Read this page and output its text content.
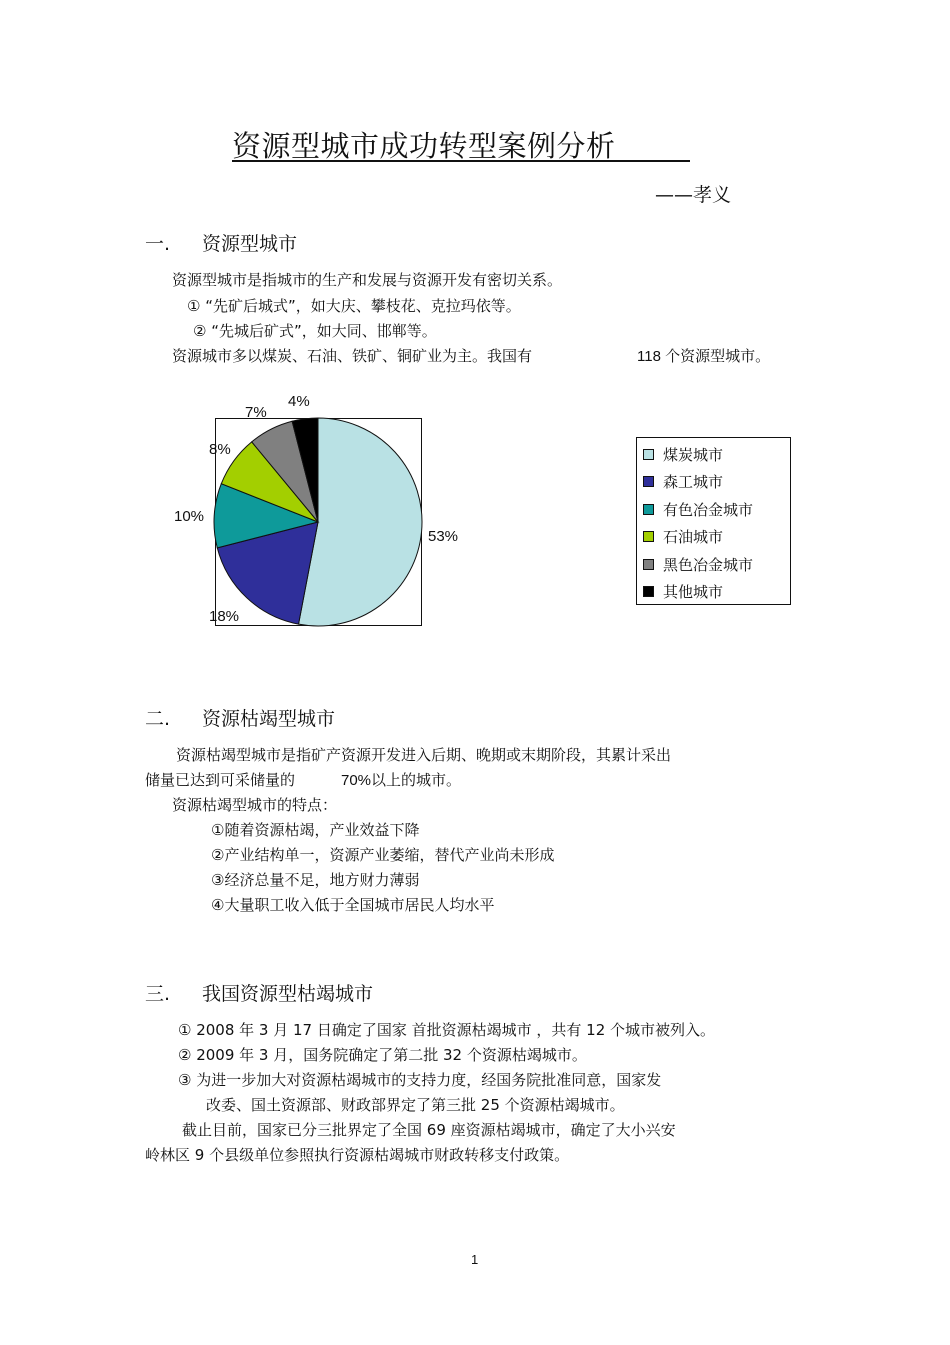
资源型城市成功转型案例分析
——孝义
一. 资源型城市
资源型城市是指城市的生产和发展与资源开发有密切关系。
① “先矿后城式”，如大庆、攀枝花、克拉玛依等。
② “先城后矿式”，如大同、邯郸等。
资源城市多以煤炭、石油、铁矿、铜矿业为主。我国有	118 个资源型城市。
53%
18%
10%
8%
7%
4%
煤炭城市
森工城市
有色冶金城市
石油城市
黑色冶金城市
其他城市
二. 资源枯竭型城市
资源枯竭型城市是指矿产资源开发进入后期、晚期或末期阶段，其累计采出
储量已达到可采储量的	70%以上的城市。
资源枯竭型城市的特点：
①随着资源枯竭，产业效益下降
②产业结构单一，资源产业萎缩，替代产业尚未形成
③经济总量不足，地方财力薄弱
④大量职工收入低于全国城市居民人均水平
三. 我国资源型枯竭城市
① 2008 年 3 月 17 日确定了国家 首批资源枯竭城市 ，共有 12 个城市被列入。
② 2009 年 3 月，国务院确定了第二批 32 个资源枯竭城市。
③ 为进一步加大对资源枯竭城市的支持力度，经国务院批准同意，国家发
改委、国土资源部、财政部界定了第三批 25 个资源枯竭城市。
截止目前，国家已分三批界定了全国 69 座资源枯竭城市，确定了大小兴安
岭林区 9 个县级单位参照执行资源枯竭城市财政转移支付政策。
1
